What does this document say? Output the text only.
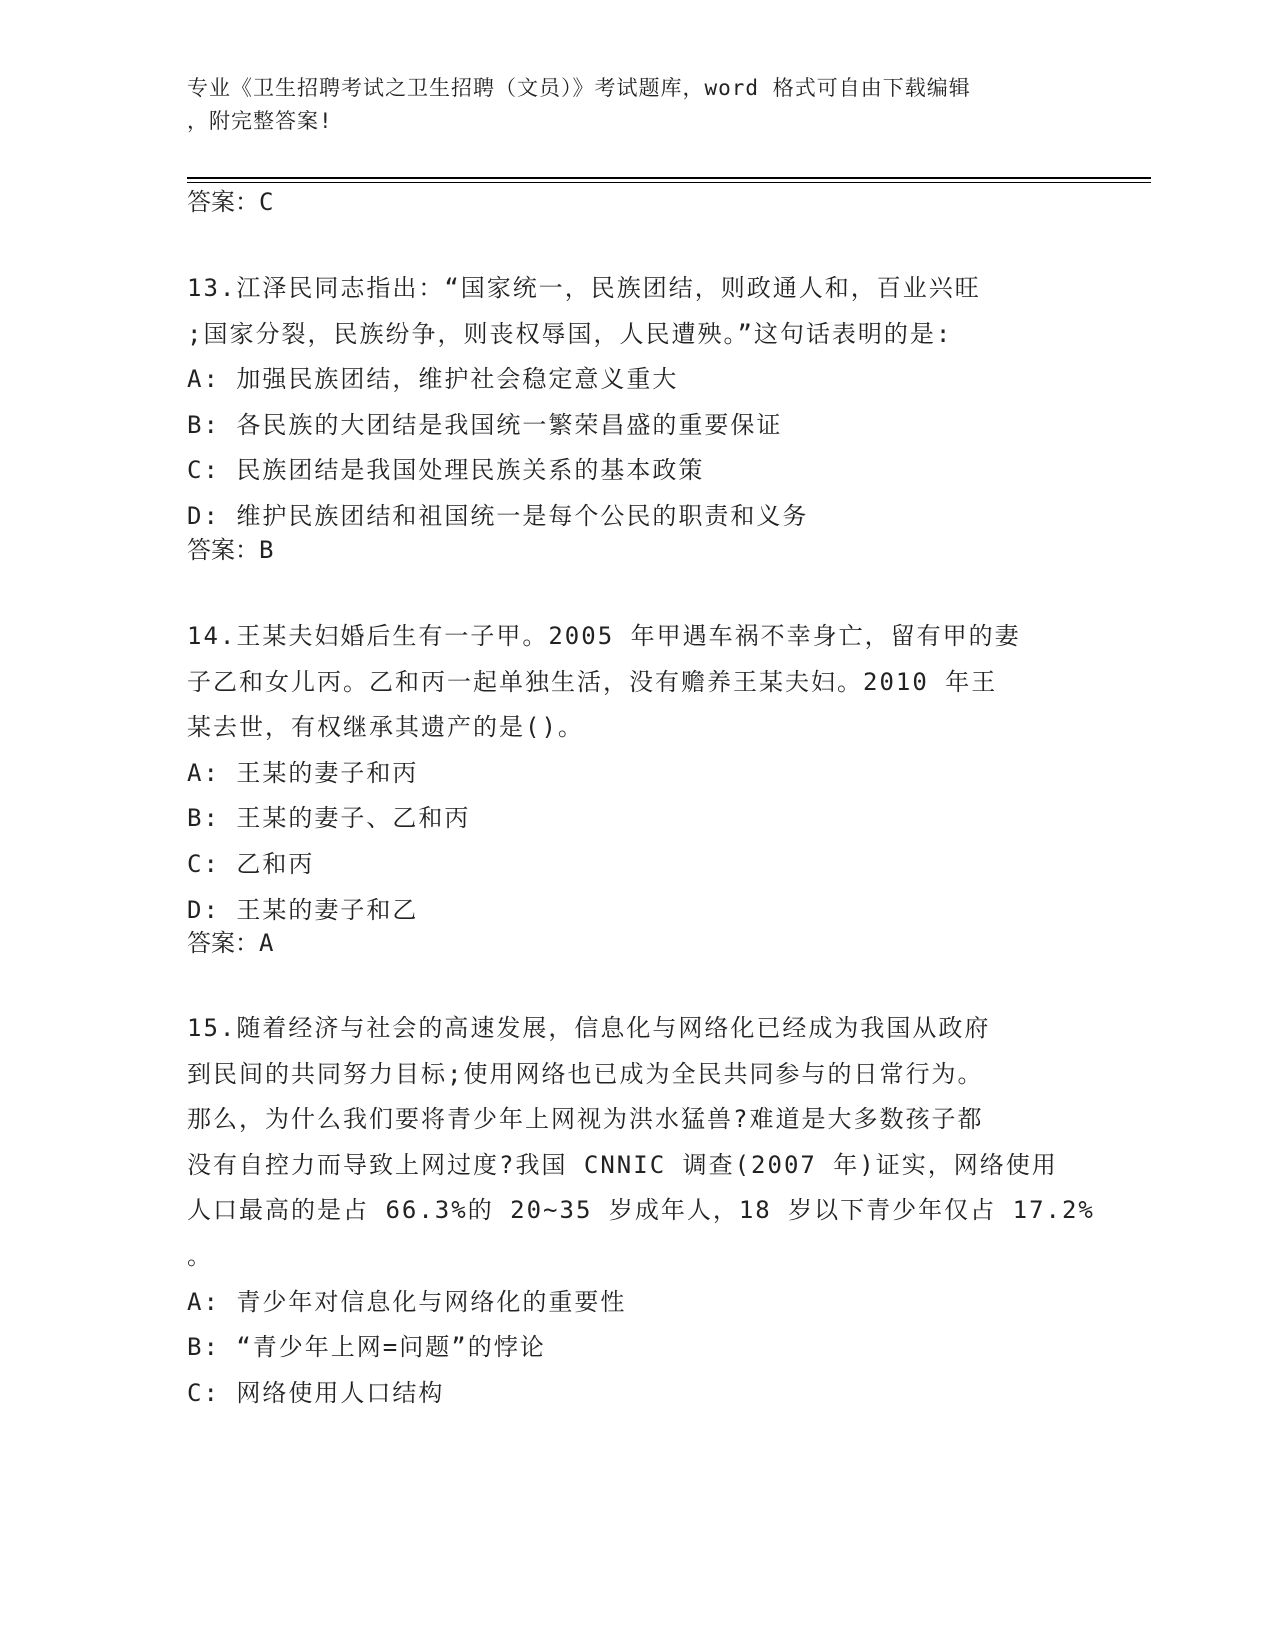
专业《卫生招聘考试之卫生招聘（文员）》考试题库，word 格式可自由下载编辑
，附完整答案!
答案：C
13.江泽民同志指出：“国家统一，民族团结，则政通人和，百业兴旺
;国家分裂，民族纷争，则丧权辱国，人民遭殃。”这句话表明的是:
A: 加强民族团结，维护社会稳定意义重大
B: 各民族的大团结是我国统一繁荣昌盛的重要保证
C: 民族团结是我国处理民族关系的基本政策
D: 维护民族团结和祖国统一是每个公民的职责和义务
答案：B
14.王某夫妇婚后生有一子甲。2005 年甲遇车祸不幸身亡，留有甲的妻
子乙和女儿丙。乙和丙一起单独生活，没有赡养王某夫妇。2010 年王
某去世，有权继承其遗产的是()。
A: 王某的妻子和丙
B: 王某的妻子、乙和丙
C: 乙和丙
D: 王某的妻子和乙
答案：A
15.随着经济与社会的高速发展，信息化与网络化已经成为我国从政府
到民间的共同努力目标;使用网络也已成为全民共同参与的日常行为。
那么，为什么我们要将青少年上网视为洪水猛兽?难道是大多数孩子都
没有自控力而导致上网过度?我国 CNNIC 调查(2007 年)证实，网络使用
人口最高的是占 66.3%的 20~35 岁成年人，18 岁以下青少年仅占 17.2%
。
A: 青少年对信息化与网络化的重要性
B: “青少年上网=问题”的悖论
C: 网络使用人口结构
